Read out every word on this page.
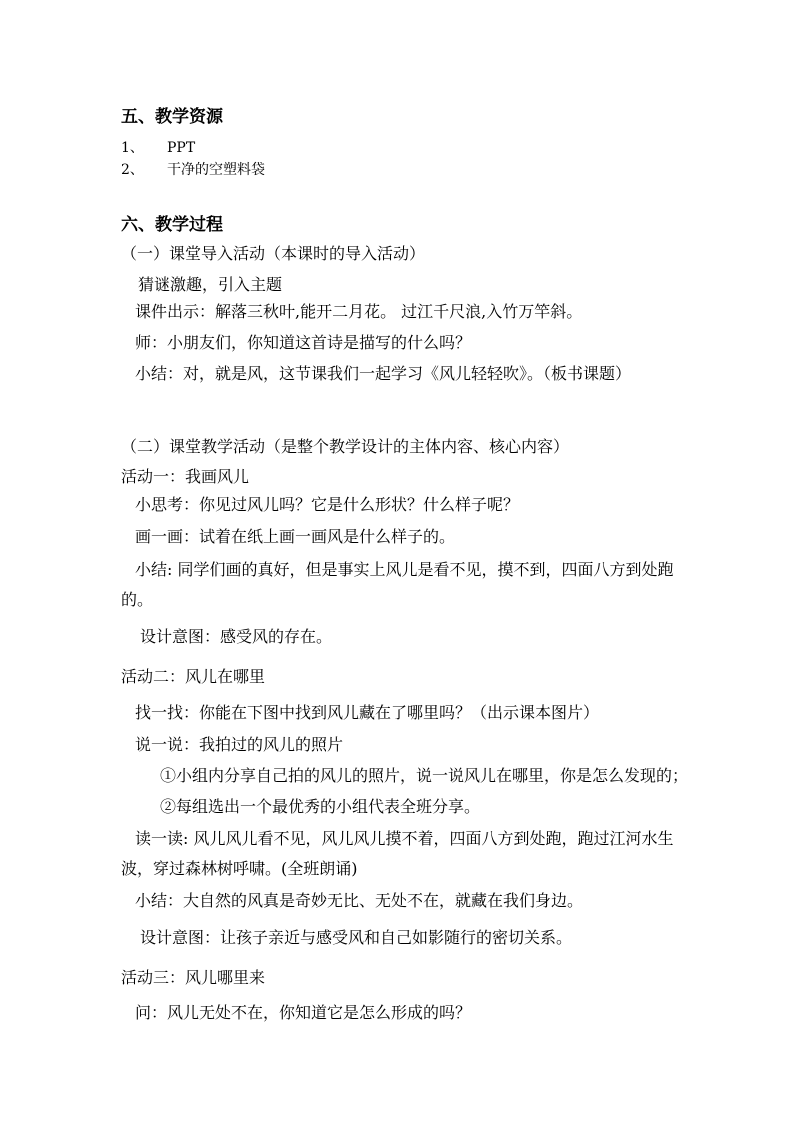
五、教学资源
1、 PPT
2、 干净的空塑料袋
六、教学过程
（一）课堂导入活动（本课时的导入活动）
猜谜激趣，引入主题
课件出示：解落三秋叶,能开二月花。 过江千尺浪,入竹万竿斜。
师：小朋友们，你知道这首诗是描写的什么吗？
小结：对，就是风，这节课我们一起学习《风儿轻轻吹》。（板书课题）
（二）课堂教学活动（是整个教学设计的主体内容、核心内容）
活动一：我画风儿
小思考：你见过风儿吗？它是什么形状？什么样子呢？
画一画：试着在纸上画一画风是什么样子的。
小结: 同学们画的真好，但是事实上风儿是看不见，摸不到，四面八方到处跑
的。
设计意图：感受风的存在。
活动二：风儿在哪里
找一找：你能在下图中找到风儿藏在了哪里吗？（出示课本图片）
说一说：我拍过的风儿的照片
①小组内分享自己拍的风儿的照片，说一说风儿在哪里，你是怎么发现的；
②每组选出一个最优秀的小组代表全班分享。
读一读: 风儿风儿看不见，风儿风儿摸不着，四面八方到处跑，跑过江河水生
波，穿过森林树呼啸。(全班朗诵)
小结：大自然的风真是奇妙无比、无处不在，就藏在我们身边。
设计意图：让孩子亲近与感受风和自己如影随行的密切关系。
活动三：风儿哪里来
问：风儿无处不在，你知道它是怎么形成的吗？
